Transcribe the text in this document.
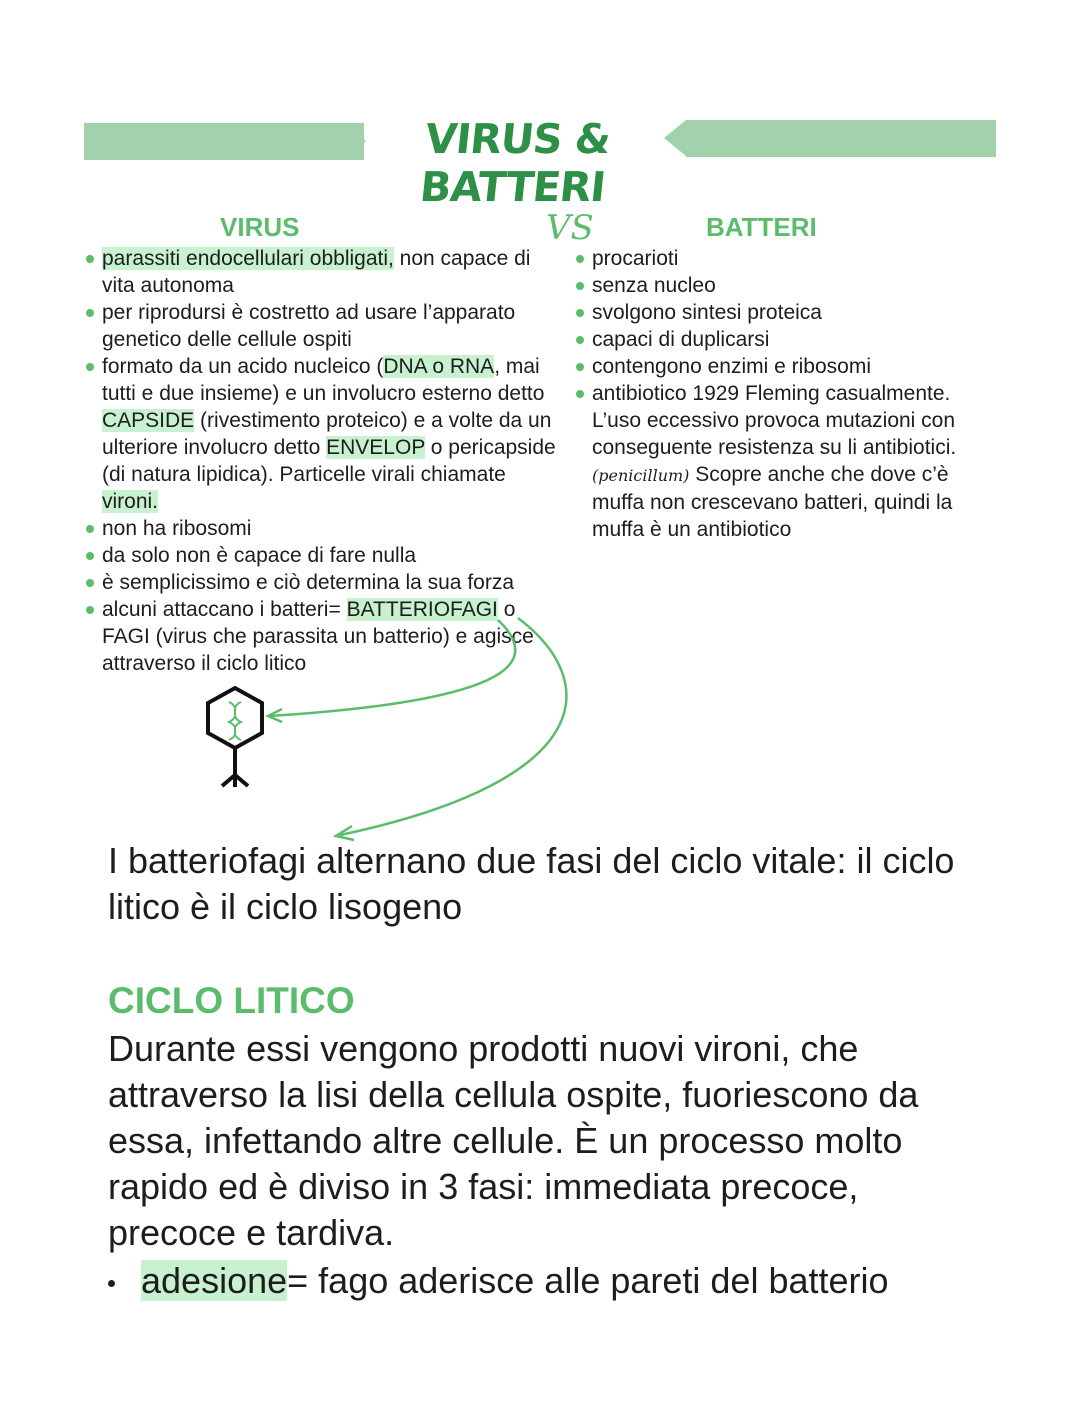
VIRUS & BATTERI
VIRUS	VS	BATTERI
parassiti endocellulari obbligati, non capace di vita autonoma
per riprodursi è costretto ad usare l’apparato genetico delle cellule ospiti
formato da un acido nucleico (DNA o RNA, mai tutti e due insieme) e un involucro esterno detto CAPSIDE (rivestimento proteico) e a volte da un ulteriore involucro detto ENVELOP o pericapside (di natura lipidica). Particelle virali chiamate vironi.
non ha ribosomi
da solo non è capace di fare nulla
è semplicissimo e ciò determina la sua forza
alcuni attaccano i batteri= BATTERIOFAGI o FAGI (virus che parassita un batterio) e agisce attraverso il ciclo litico
procarioti
senza nucleo
svolgono sintesi proteica
capaci di duplicarsi
contengono enzimi e ribosomi
antibiotico 1929 Fleming casualmente. L’uso eccessivo provoca mutazioni con conseguente resistenza su li antibiotici.(penicillum) Scopre anche che dove c’è muffa non crescevano batteri, quindi la muffa è un antibiotico
I batteriofagi alternano due fasi del ciclo vitale: il ciclo litico è il ciclo lisogeno
CICLO LITICO
Durante essi vengono prodotti nuovi vironi, che attraverso la lisi della cellula ospite, fuoriescono da essa, infettando altre cellule. È un processo molto rapido ed è diviso in 3 fasi: immediata precoce, precoce e tardiva.
adesione= fago aderisce alle pareti del batterio
